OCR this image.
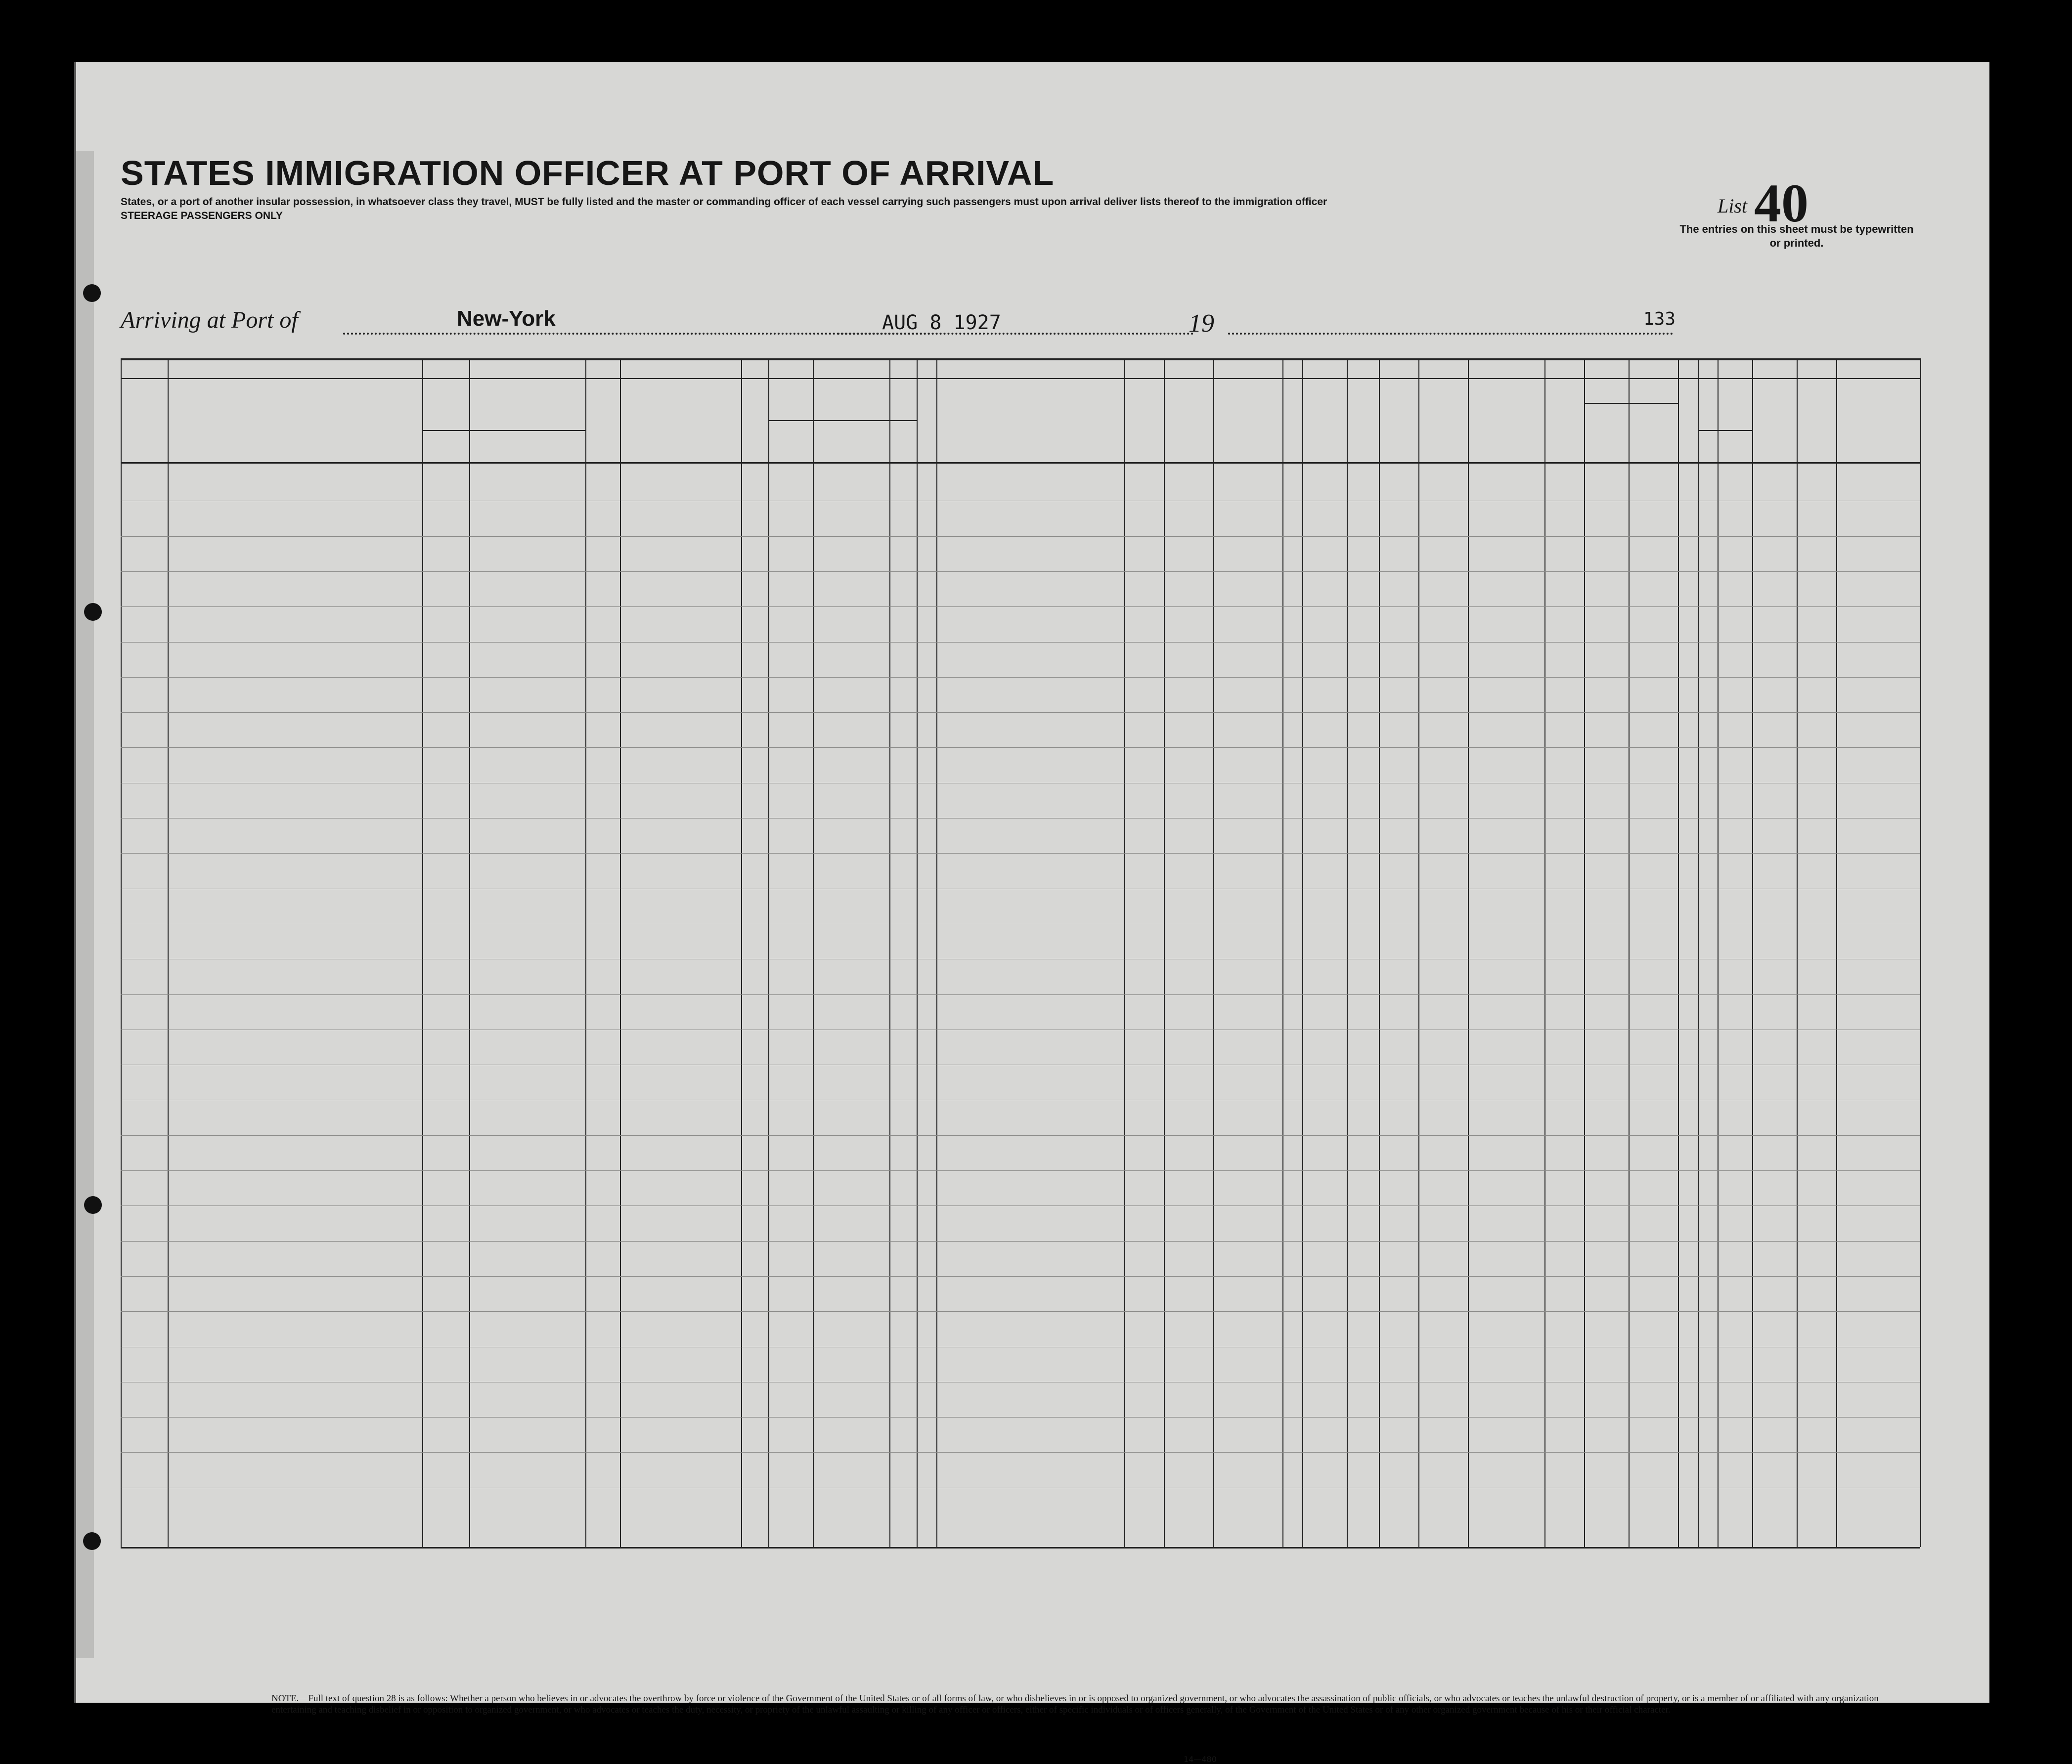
STATES IMMIGRATION OFFICER AT PORT OF ARRIVAL
States, or a port of another insular possession, in whatsoever class they travel, MUST be fully listed and the master or commanding officer of each vessel carrying such passengers must upon arrival deliver lists thereof to the immigration officer
STEERAGE PASSENGERS ONLY	List 40
The entries on this sheet must be typewritten or printed.
Arriving at Port of	New-York	AUG 8 1927	19	133
NOTE.—Full text of question 28 is as follows: Whether a person who believes in or advocates the overthrow by force or violence of the Government of the United States or of all forms of law, or who disbelieves in or is opposed to organized government, or who advocates the assassination of public officials, or who advocates or teaches the unlawful destruction of property, or is a member of or affiliated with any organization entertaining and teaching disbelief in or opposition to organized government, or who advocates or teaches the duty, necessity, or propriety of the unlawful assaulting or killing of any officer or officers, either of specific individuals or of officers generally, of the Government of the United States or of any other organized government because of his or their official character.
14—480
